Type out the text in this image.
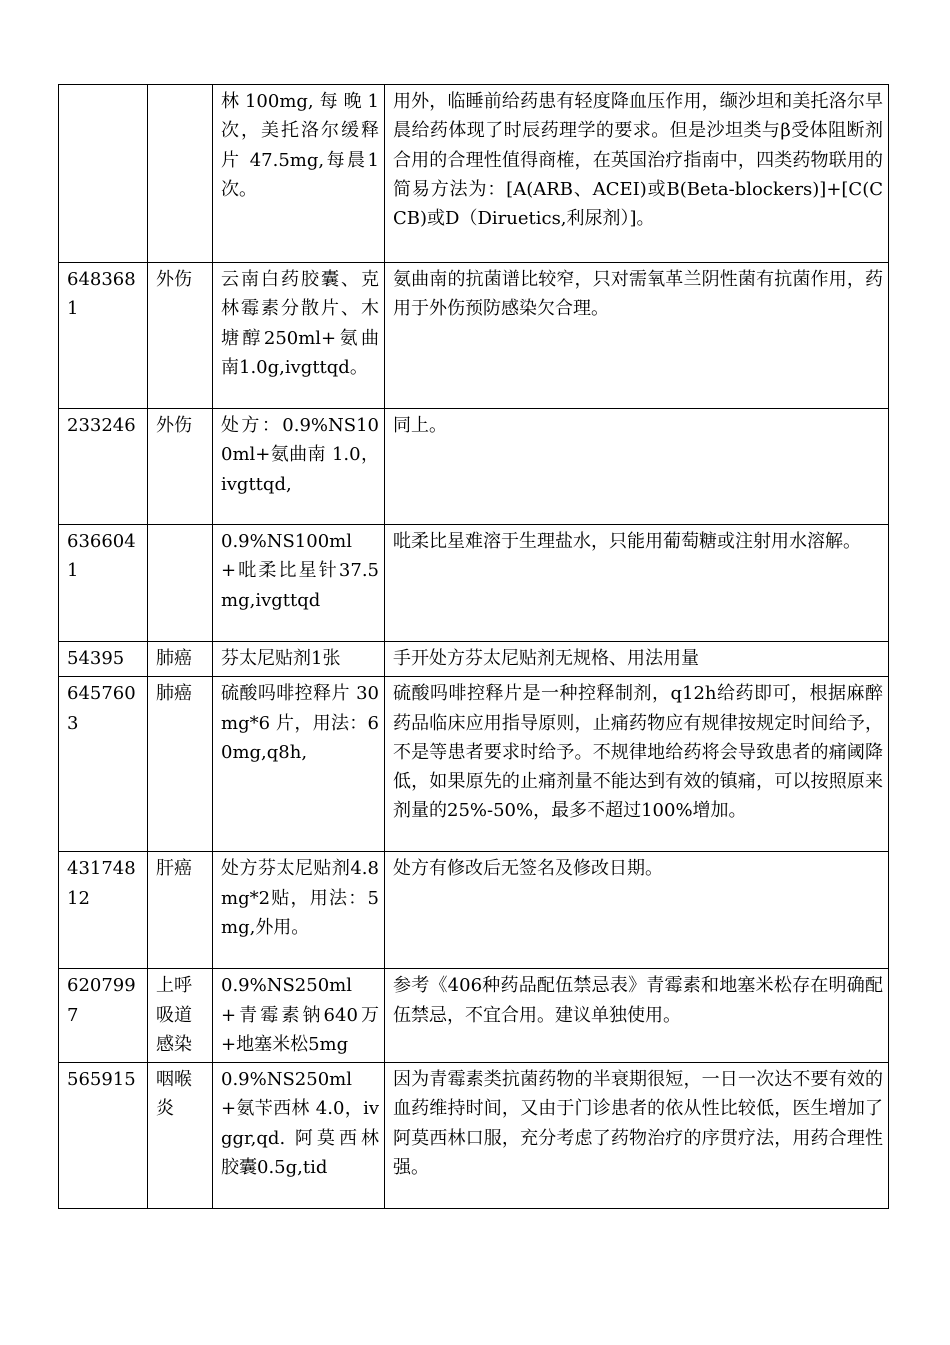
		林100mg,每晚1次，美托洛尔缓释片 47.5mg,每晨1次。	用外，临睡前给药患有轻度降血压作用，缬沙坦和美托洛尔早晨给药体现了时辰药理学的要求。但是沙坦类与β受体阻断剂合用的合理性值得商榷，在英国治疗指南中，四类药物联用的简易方法为：[A(ARB、ACEI)或B(Beta-blockers)]+[C(CCB)或D（Diruetics,利尿剂）]。
6483681	外伤	云南白药胶囊、克林霉素分散片、木塘醇250ml+氨曲南1.0g,ivgttqd。	氨曲南的抗菌谱比较窄，只对需氧革兰阴性菌有抗菌作用，药用于外伤预防感染欠合理。
233246	外伤	处方：0.9%NS100ml+氨曲南 1.0，ivgttqd,	同上。
6366041		0.9%NS100ml+吡柔比星针37.5mg,ivgttqd	吡柔比星难溶于生理盐水，只能用葡萄糖或注射用水溶解。
54395	肺癌	芬太尼贴剂1张	手开处方芬太尼贴剂无规格、用法用量
6457603	肺癌	硫酸吗啡控释片 30mg*6 片，用法：60mg,q8h,	硫酸吗啡控释片是一种控释制剂，q12h给药即可，根据麻醉药品临床应用指导原则，止痛药物应有规律按规定时间给予，不是等患者要求时给予。不规律地给药将会导致患者的痛阈降低，如果原先的止痛剂量不能达到有效的镇痛，可以按照原来剂量的25%-50%，最多不超过100%增加。
43174812	肝癌	处方芬太尼贴剂4.8mg*2贴，用法：5mg,外用。	处方有修改后无签名及修改日期。
6207997	上呼吸道感染	0.9%NS250ml+青霉素钠640万+地塞米松5mg	参考《406种药品配伍禁忌表》青霉素和地塞米松存在明确配伍禁忌，不宜合用。建议单独使用。
565915	咽喉炎	0.9%NS250ml+氨苄西林 4.0，ivggr,qd. 阿莫西林胶囊0.5g,tid	因为青霉素类抗菌药物的半衰期很短，一日一次达不要有效的血药维持时间，又由于门诊患者的依从性比较低，医生增加了阿莫西林口服，充分考虑了药物治疗的序贯疗法，用药合理性强。
